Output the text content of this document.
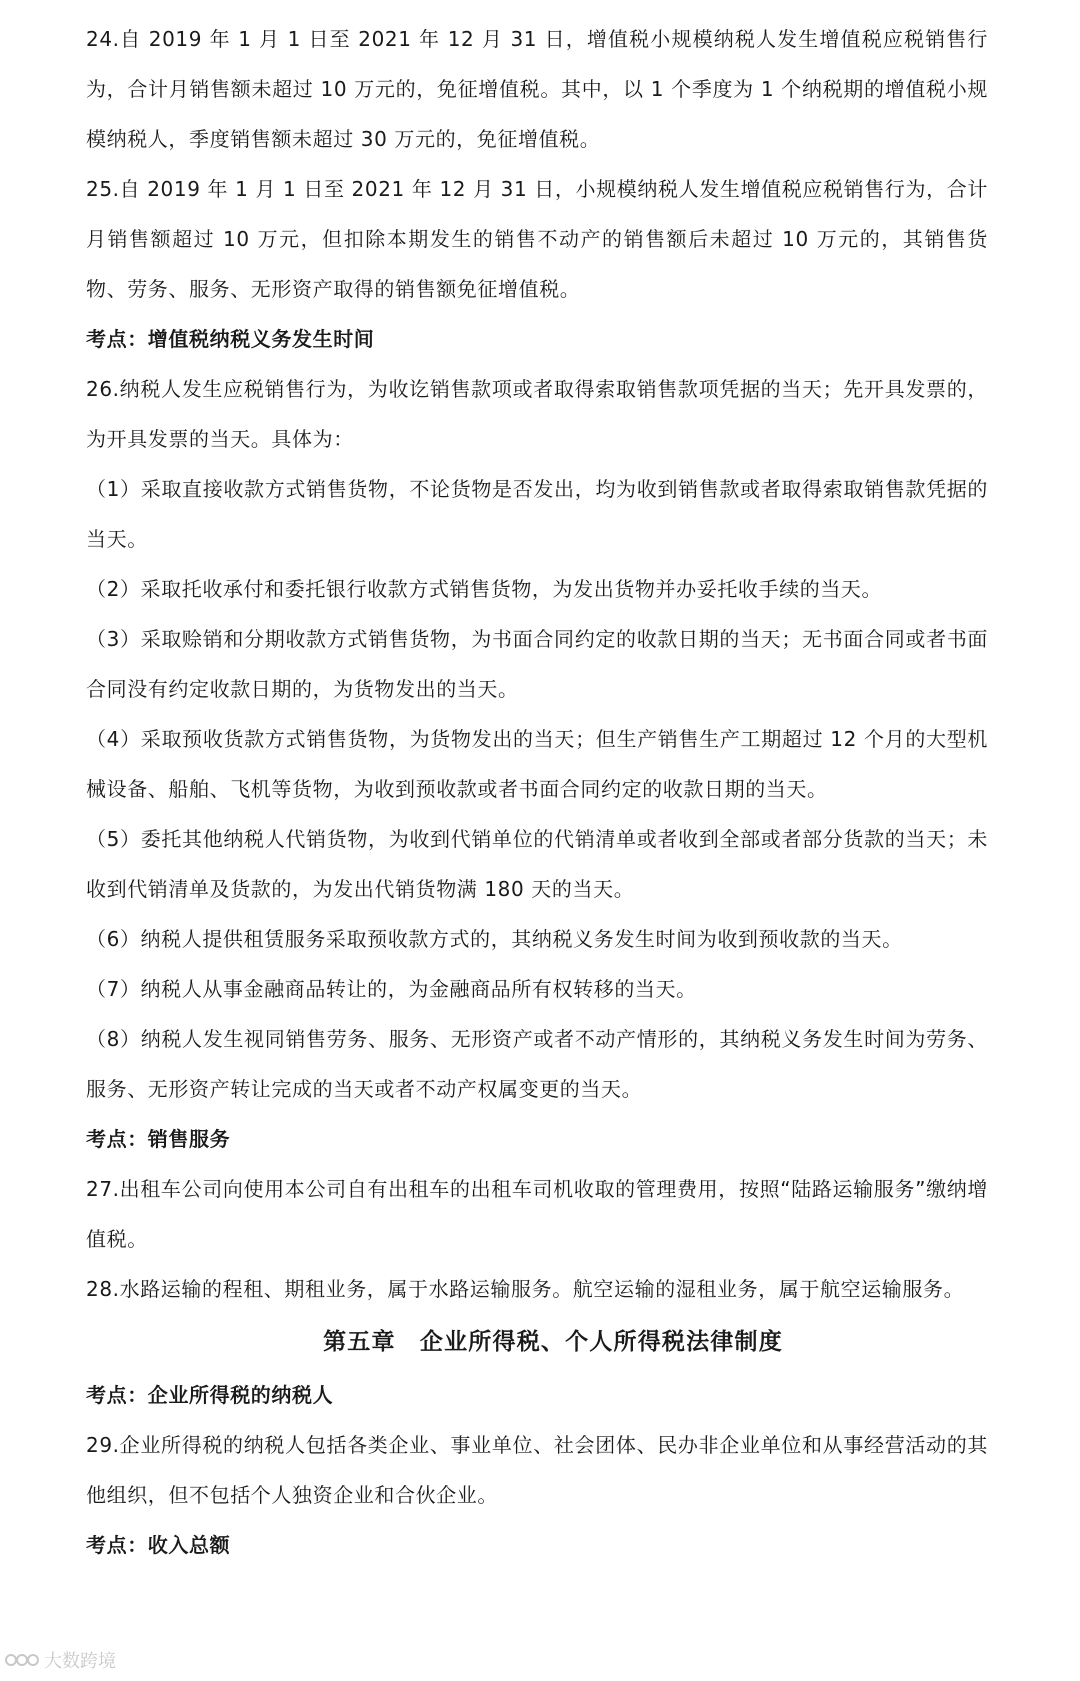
24.自 2019 年 1 月 1 日至 2021 年 12 月 31 日，增值税小规模纳税人发生增值税应税销售行为，合计月销售额未超过 10 万元的，免征增值税。其中，以 1 个季度为 1 个纳税期的增值税小规模纳税人，季度销售额未超过 30 万元的，免征增值税。

25.自 2019 年 1 月 1 日至 2021 年 12 月 31 日，小规模纳税人发生增值税应税销售行为，合计月销售额超过 10 万元，但扣除本期发生的销售不动产的销售额后未超过 10 万元的，其销售货物、劳务、服务、无形资产取得的销售额免征增值税。

考点：增值税纳税义务发生时间

26.纳税人发生应税销售行为，为收讫销售款项或者取得索取销售款项凭据的当天；先开具发票的，为开具发票的当天。具体为：

（1）采取直接收款方式销售货物，不论货物是否发出，均为收到销售款或者取得索取销售款凭据的当天。

（2）采取托收承付和委托银行收款方式销售货物，为发出货物并办妥托收手续的当天。

（3）采取赊销和分期收款方式销售货物，为书面合同约定的收款日期的当天；无书面合同或者书面合同没有约定收款日期的，为货物发出的当天。

（4）采取预收货款方式销售货物，为货物发出的当天；但生产销售生产工期超过 12 个月的大型机械设备、船舶、飞机等货物，为收到预收款或者书面合同约定的收款日期的当天。

（5）委托其他纳税人代销货物，为收到代销单位的代销清单或者收到全部或者部分货款的当天；未收到代销清单及货款的，为发出代销货物满 180 天的当天。

（6）纳税人提供租赁服务采取预收款方式的，其纳税义务发生时间为收到预收款的当天。

（7）纳税人从事金融商品转让的，为金融商品所有权转移的当天。

（8）纳税人发生视同销售劳务、服务、无形资产或者不动产情形的，其纳税义务发生时间为劳务、服务、无形资产转让完成的当天或者不动产权属变更的当天。

考点：销售服务

27.出租车公司向使用本公司自有出租车的出租车司机收取的管理费用，按照“陆路运输服务”缴纳增值税。

28.水路运输的程租、期租业务，属于水路运输服务。航空运输的湿租业务，属于航空运输服务。

第五章　企业所得税、个人所得税法律制度
考点：企业所得税的纳税人

29.企业所得税的纳税人包括各类企业、事业单位、社会团体、民办非企业单位和从事经营活动的其他组织，但不包括个人独资企业和合伙企业。

考点：收入总额
大数跨境
